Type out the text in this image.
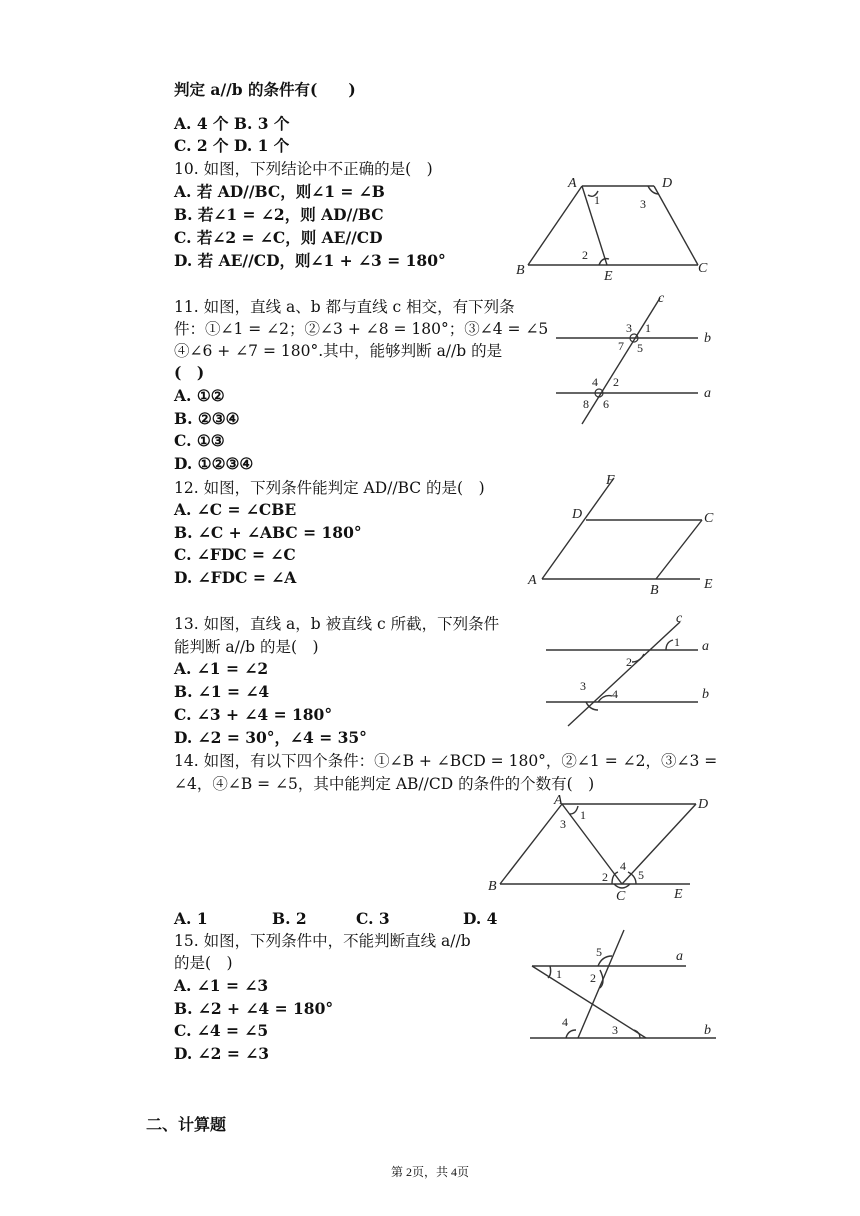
判定 a//b 的条件有(　　)
A. 4 个 B. 3 个
C. 2 个 D. 1 个
10. 如图，下列结论中不正确的是(　)
A. 若 AD//BC，则∠1 = ∠B
B. 若∠1 = ∠2，则 AD//BC
C. 若∠2 = ∠C，则 AE//CD
D. 若 AE//CD，则∠1 + ∠3 = 180°
A	D
B	E
C
1	3
2
11. 如图，直线 a、b 都与直线 c 相交，有下列条
件：①∠1 = ∠2；②∠3 + ∠8 = 180°；③∠4 = ∠5
④∠6 + ∠7 = 180°.其中，能够判断 a//b 的是
(　)
A. ①②
B. ②③④
C. ①③
D. ①②③④
c
b
a
3 1
7 5
4 2
8 6
12. 如图，下列条件能判定 AD//BC 的是(　)
A. ∠C = ∠CBE
B. ∠C + ∠ABC = 180°
C. ∠FDC = ∠C
D. ∠FDC = ∠A
F
D	C
A
B	E
13. 如图，直线 a，b 被直线 c 所截，下列条件
能判断 a//b 的是(　)
A. ∠1 = ∠2
B. ∠1 = ∠4
C. ∠3 + ∠4 = 180°
D. ∠2 = 30°，∠4 = 35°
c
a
b
1
2
3
4
14. 如图，有以下四个条件：①∠B + ∠BCD = 180°，②∠1 = ∠2，③∠3 =
∠4，④∠B = ∠5，其中能判定 AB//CD 的条件的个数有(　)
A	D
B
C	E
1
3
4
2	5
A. 1	B. 2	C. 3	D. 4
15. 如图，下列条件中，不能判断直线 a//b
的是(　)
A. ∠1 = ∠3
B. ∠2 + ∠4 = 180°
C. ∠4 = ∠5
D. ∠2 = ∠3
a
b
5
1 2
4
3
二、计算题
第 2页，共 4页
